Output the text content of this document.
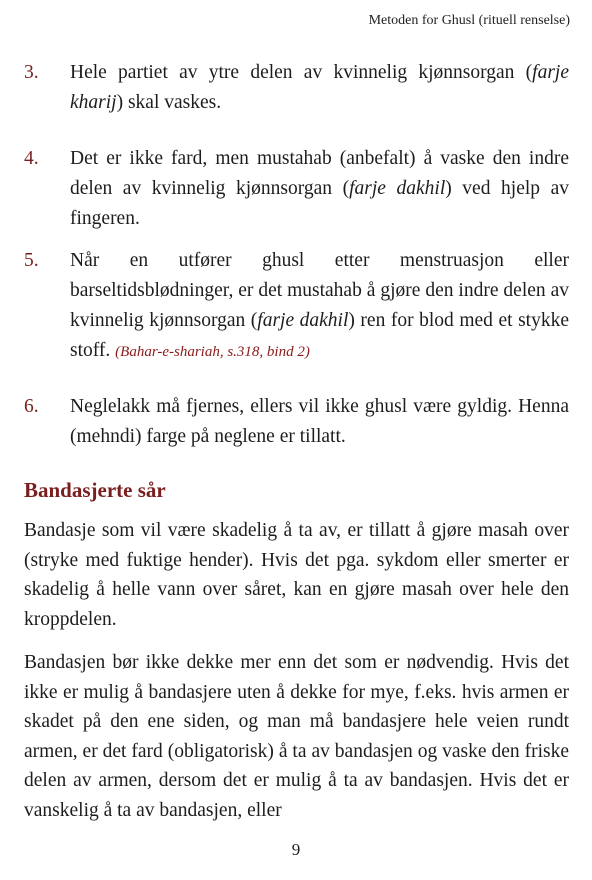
Metoden for Ghusl (rituell renselse)
3. Hele partiet av ytre delen av kvinnelig kjønnsorgan (farje kharij) skal vaskes.
4. Det er ikke fard, men mustahab (anbefalt) å vaske den indre delen av kvinnelig kjønnsorgan (farje dakhil) ved hjelp av fingeren.
5. Når en utfører ghusl etter menstruasjon eller barseltidsblødninger, er det mustahab å gjøre den indre delen av kvinnelig kjønnsorgan (farje dakhil) ren for blod med et stykke stoff. (Bahar-e-shariah, s.318, bind 2)
6. Neglelakk må fjernes, ellers vil ikke ghusl være gyldig. Henna (mehndi) farge på neglene er tillatt.
Bandasjerte sår
Bandasje som vil være skadelig å ta av, er tillatt å gjøre masah over (stryke med fuktige hender). Hvis det pga. sykdom eller smerter er skadelig å helle vann over såret, kan en gjøre masah over hele den kroppdelen.
Bandasjen bør ikke dekke mer enn det som er nødvendig. Hvis det ikke er mulig å bandasjere uten å dekke for mye, f.eks. hvis armen er skadet på den ene siden, og man må bandasjere hele veien rundt armen, er det fard (obligatorisk) å ta av bandasjen og vaske den friske delen av armen, dersom det er mulig å ta av bandasjen. Hvis det er vanskelig å ta av bandasjen, eller
9
